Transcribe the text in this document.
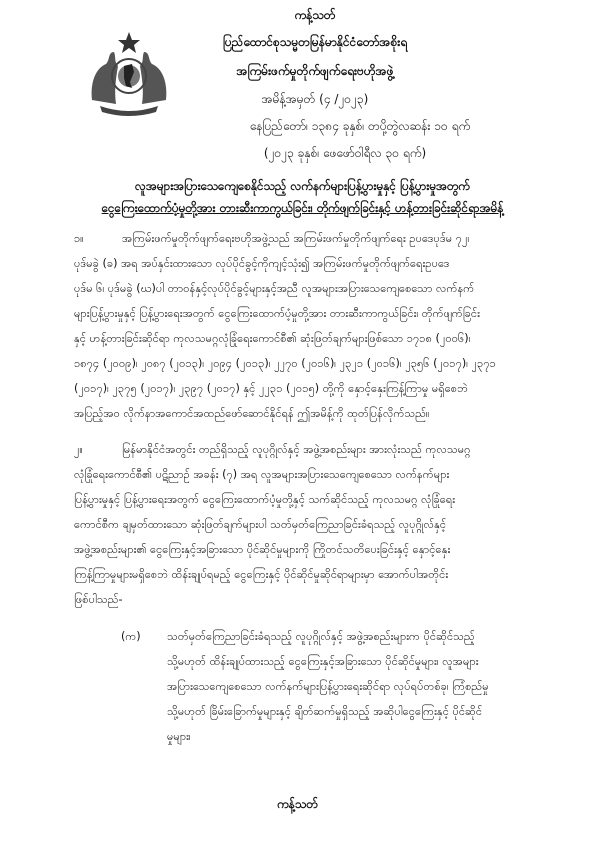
ကန့်သတ်
ပြည်ထောင်စုသမ္မတမြန်မာနိုင်ငံတော်အစိုးရ
အကြမ်းဖက်မှုတိုက်ဖျက်ရေးဗဟိုအဖွဲ့
အမိန့်အမှတ် (၄ /၂၀၂၃)
နေပြည်တော်၊ ၁၃၈၄ ခုနှစ်၊ တပို့တွဲလဆန်း ၁၀ ရက်
(၂၀၂၃ ခုနှစ်၊ ဖေဖော်ဝါရီလ ၃၀ ရက်)
လူအများအပြားသေကျေစေနိုင်သည့် လက်နက်များပြန့်ပွားမှုနှင့် ပြန့်ပွားမှုအတွက်
ငွေကြေးထောက်ပံ့မှုတို့အား တားဆီးကာကွယ်ခြင်း၊ တိုက်ဖျက်ခြင်းနှင့် ဟန့်တားခြင်းဆိုင်ရာအမိန့်
၁။	အကြမ်းဖက်မှုတိုက်ဖျက်ရေးဗဟိုအဖွဲ့သည် အကြမ်းဖက်မှုတိုက်ဖျက်ရေး ဥပဒေပုဒ်မ ၇၂၊
ပုဒ်မခွဲ (ခ) အရ အပ်နှင်းထားသော လုပ်ပိုင်ခွင့်ကိုကျင့်သုံး၍ အကြမ်းဖက်မှုတိုက်ဖျက်ရေးဥပဒေ
ပုဒ်မ ၆၊ ပုဒ်မခွဲ (ဃ)ပါ တာဝန်နှင့်လုပ်ပိုင်ခွင့်များနှင့်အညီ လူအများအပြားသေကျေစေသော လက်နက်
များပြန့်ပွားမှုနှင့် ပြန့်ပွားရေးအတွက် ငွေကြေးထောက်ပံ့မှုတို့အား တားဆီးကာကွယ်ခြင်း၊ တိုက်ဖျက်ခြင်း
နှင့် ဟန့်တားခြင်းဆိုင်ရာ ကုလသမဂ္ဂလုံခြုံရေးကောင်စီ၏ ဆုံးဖြတ်ချက်များဖြစ်သော ၁၇၁၈ (၂၀၀၆)၊
၁၈၇၄ (၂၀၀၉)၊ ၂၀၈၇ (၂၀၁၃)၊ ၂၀၉၄ (၂၀၁၃)၊ ၂၂၇၀ (၂၀၁၆)၊ ၂၃၂၁ (၂၀၁၆)၊ ၂၃၅၆ (၂၀၁၇)၊ ၂၃၇၁
(၂၀၁၇)၊ ၂၃၇၅ (၂၀၁၇)၊ ၂၃၉၇ (၂၀၁၇) နှင့် ၂၂၃၁ (၂၀၁၅) တို့ကို နှောင့်နှေးကြန့်ကြာမှု မရှိစေဘဲ
အပြည့်အဝ လိုက်နာအကောင်အထည်ဖော်ဆောင်နိုင်ရန် ဤအမိန့်ကို ထုတ်ပြန်လိုက်သည်။
၂။	မြန်မာနိုင်ငံအတွင်း တည်ရှိသည့် လူပုဂ္ဂိုလ်နှင့် အဖွဲ့အစည်းများ အားလုံးသည် ကုလသမဂ္ဂ
လုံခြုံရေးကောင်စီ၏ ပဋိညာဉ် အခန်း (၇) အရ လူအများအပြားသေကျေစေသော လက်နက်များ
ပြန့်ပွားမှုနှင့် ပြန့်ပွားရေးအတွက် ငွေကြေးထောက်ပံ့မှုတို့နှင့် သက်ဆိုင်သည့် ကုလသမဂ္ဂ လုံခြုံရေး
ကောင်စီက ချမှတ်ထားသော ဆုံးဖြတ်ချက်များပါ သတ်မှတ်ကြေညာခြင်းခံရသည့် လူပုဂ္ဂိုလ်နှင့်
အဖွဲ့အစည်းများ၏ ငွေကြေးနှင့်အခြားသော ပိုင်ဆိုင်မှုများကို ကြိုတင်သတိပေးခြင်းနှင့် နှောင့်နှေး
ကြန့်ကြာမှုများမရှိစေဘဲ ထိန်းချုပ်ရမည့် ငွေကြေးနှင့် ပိုင်ဆိုင်မှုဆိုင်ရာများမှာ အောက်ပါအတိုင်း
ဖြစ်ပါသည်-
(က) သတ်မှတ်ကြေညာခြင်းခံရသည့် လူပုဂ္ဂိုလ်နှင့် အဖွဲ့အစည်းများက ပိုင်ဆိုင်သည့်
သို့မဟုတ် ထိန်းချုပ်ထားသည့် ငွေကြေးနှင့်အခြားသော ပိုင်ဆိုင်မှုများ၊ လူအများ
အပြားသေကျေစေသော လက်နက်များပြန့်ပွားရေးဆိုင်ရာ လုပ်ရပ်တစ်ခု၊ ကြံစည်မှု
သို့မဟုတ် ခြိမ်းခြောက်မှုများနှင့် ချိတ်ဆက်မှုရှိသည့် အဆိုပါငွေကြေးနှင့် ပိုင်ဆိုင်
မှုများ၊
ကန့်သတ်
